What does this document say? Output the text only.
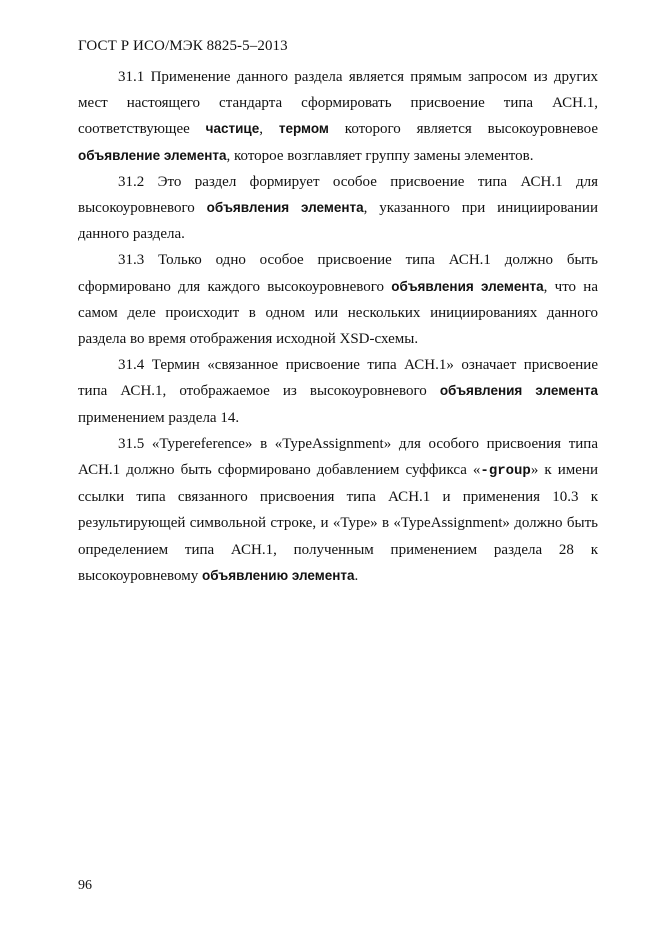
ГОСТ Р ИСО/МЭК 8825-5–2013

31.1 Применение данного раздела является прямым запросом из других мест настоящего стандарта сформировать присвоение типа АСН.1, соответствующее частице, термом которого является высокоуровневое объявление элемента, которое возглавляет группу замены элементов.

31.2 Это раздел формирует особое присвоение типа АСН.1 для высокоуровневого объявления элемента, указанного при инициировании данного раздела.

31.3 Только одно особое присвоение типа АСН.1 должно быть сформировано для каждого высокоуровневого объявления элемента, что на самом деле происходит в одном или нескольких инициированиях данного раздела во время отображения исходной XSD-схемы.

31.4 Термин «связанное присвоение типа АСН.1» означает присвоение типа АСН.1, отображаемое из высокоуровневого объявления элемента применением раздела 14.

31.5 «Typereference» в «TypeAssignment» для особого присвоения типа АСН.1 должно быть сформировано добавлением суффикса «-group» к имени ссылки типа связанного присвоения типа АСН.1 и применения 10.3 к результирующей символьной строке, и «Type» в «TypeAssignment» должно быть определением типа АСН.1, полученным применением раздела 28 к высокоуровневому объявлению элемента.

96
